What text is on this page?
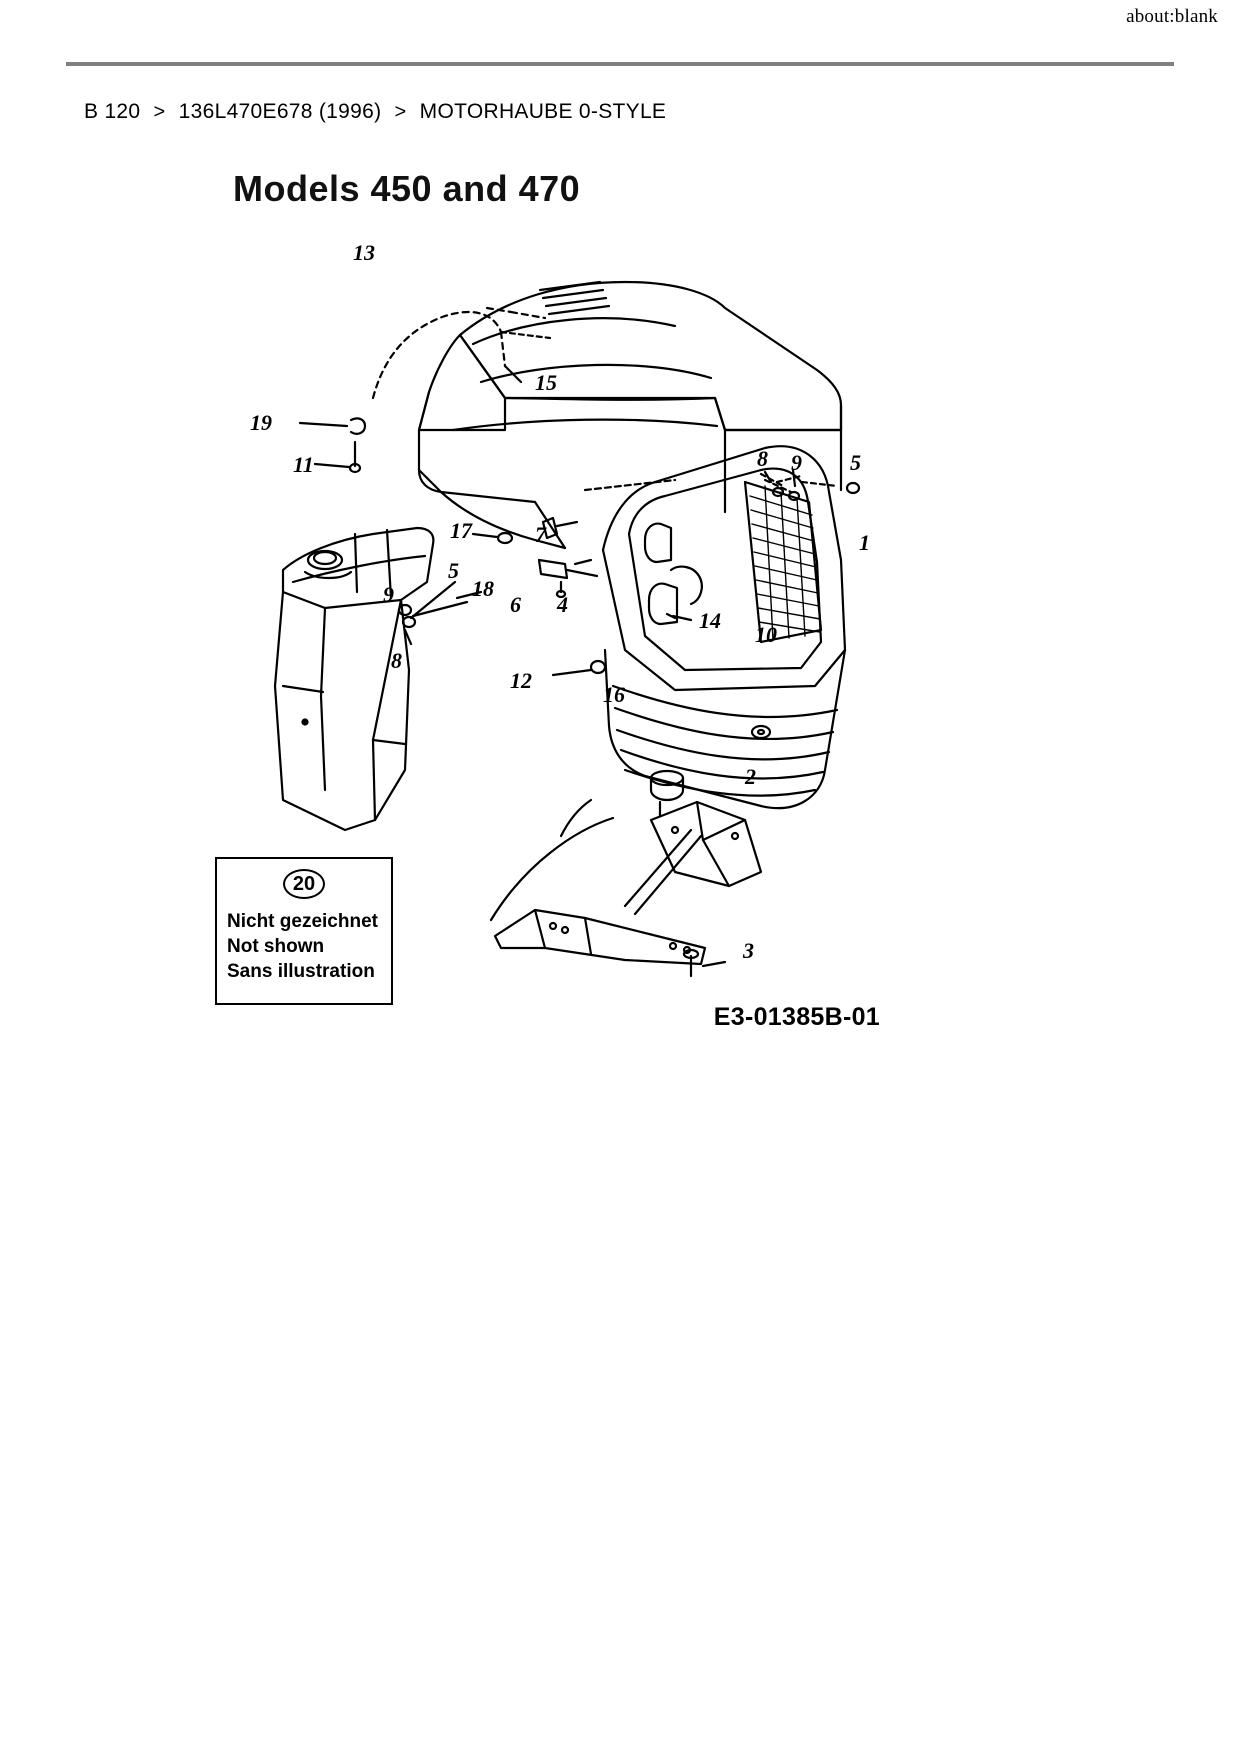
about:blank
B 120 > 136L470E678 (1996) > MOTORHAUBE 0-STYLE
Models 450 and 470
13
15
19
11	8 9 5
1
17	7
6 4
14
10
5
18
9
8
12
16
2
3
20
Nicht gezeichnet
Not shown
Sans illustration
E3-01385B-01
